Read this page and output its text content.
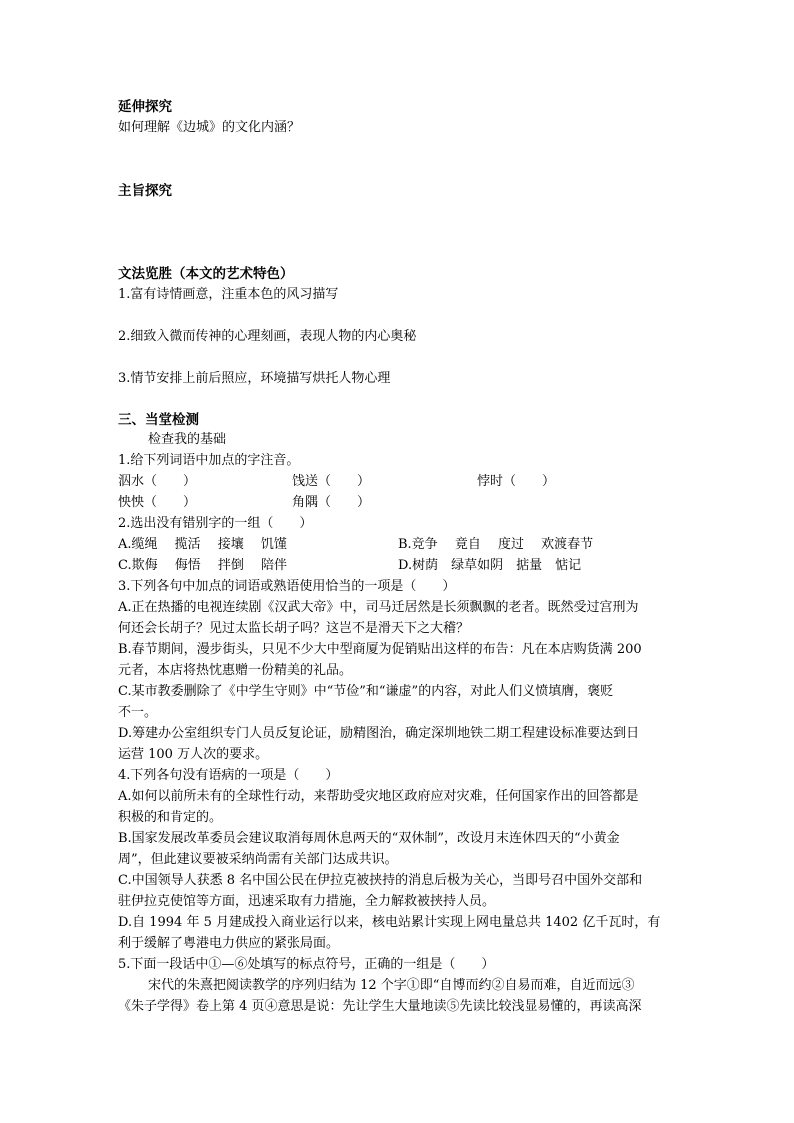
延伸探究
如何理解《边城》的文化内涵？
主旨探究
文法览胜（本文的艺术特色）
1.富有诗情画意，注重本色的风习描写
2.细致入微而传神的心理刻画，表现人物的内心奥秘
3.情节安排上前后照应，环境描写烘托人物心理
三、当堂检测
检查我的基础
1.给下列词语中加点的字注音。
泅水（　　）	饯送（　　）	悖时（　　）
怏怏（　　）	角隅（　　）
2.选出没有错别字的一组（　　）
A.缆绳　 揽活　 接壤　 饥馑	B.竞争　 竟自　 度过　 欢渡春节
C.欺侮　 侮悟　 拌倒　 陪伴	D.树荫　绿草如阴　掂量　惦记
3.下列各句中加点的词语或熟语使用恰当的一项是（　　）
A.正在热播的电视连续剧《汉武大帝》中，司马迁居然是长须飘飘的老者。既然受过宫刑为
何还会长胡子？见过太监长胡子吗？这岂不是滑天下之大稽？
B.春节期间，漫步街头，只见不少大中型商厦为促销贴出这样的布告：凡在本店购货满 200
元者，本店将热忱惠赠一份精美的礼品。
C.某市教委删除了《中学生守则》中“节俭”和“谦虚”的内容，对此人们义愤填膺，褒贬
不一。
D.筹建办公室组织专门人员反复论证，励精图治，确定深圳地铁二期工程建设标准要达到日
运营 100 万人次的要求。
4.下列各句没有语病的一项是（　　）
A.如何以前所未有的全球性行动，来帮助受灾地区政府应对灾难，任何国家作出的回答都是
积极的和肯定的。
B.国家发展改革委员会建议取消每周休息两天的“双休制”，改设月末连休四天的“小黄金
周”，但此建议要被采纳尚需有关部门达成共识。
C.中国领导人获悉 8 名中国公民在伊拉克被挟持的消息后极为关心，当即号召中国外交部和
驻伊拉克使馆等方面，迅速采取有力措施，全力解救被挟持人员。
D.自 1994 年 5 月建成投入商业运行以来，核电站累计实现上网电量总共 1402 亿千瓦时，有
利于缓解了粤港电力供应的紧张局面。
5.下面一段话中①—⑥处填写的标点符号，正确的一组是（　　）
宋代的朱熹把阅读教学的序列归结为 12 个字①即“自博而约②自易而难，自近而远③
《朱子学得》卷上第 4 页④意思是说：先让学生大量地读⑤先读比较浅显易懂的，再读高深
